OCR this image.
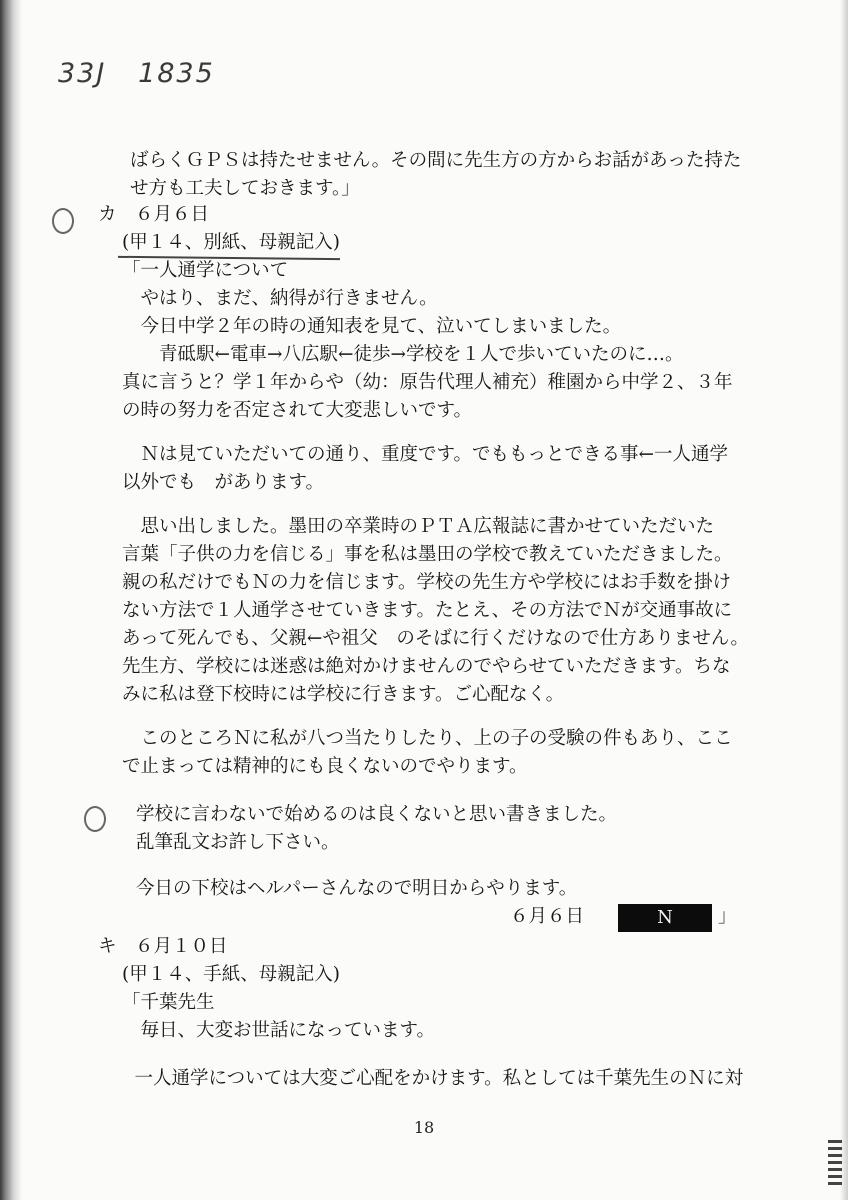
33J   1835
ばらくＧＰＳは持たせません。その間に先生方の方からお話があった持た
せ方も工夫しておきます。」
カ　６月６日
(甲１４、別紙、母親記入)
「一人通学について
　やはり、まだ、納得が行きません。
　今日中学２年の時の通知表を見て、泣いてしまいました。
　　青砥駅←電車→八広駅←徒歩→学校を１人で歩いていたのに…。
真に言うと？学１年からや（幼：原告代理人補充）稚園から中学２、３年
の時の努力を否定されて大変悲しいです。
　Ｎは見ていただいての通り、重度です。でももっとできる事←一人通学
以外でも　があります。
　思い出しました。墨田の卒業時のＰＴＡ広報誌に書かせていただいた
言葉「子供の力を信じる」事を私は墨田の学校で教えていただきました。
親の私だけでもＮの力を信じます。学校の先生方や学校にはお手数を掛け
ない方法で１人通学させていきます。たとえ、その方法でＮが交通事故に
あって死んでも、父親←や祖父　のそばに行くだけなので仕方ありません。
先生方、学校には迷惑は絶対かけませんのでやらせていただきます。ちな
みに私は登下校時には学校に行きます。ご心配なく。
　このところＮに私が八つ当たりしたり、上の子の受験の件もあり、ここ
で止まっては精神的にも良くないのでやります。
学校に言わないで始めるのは良くないと思い書きました。
乱筆乱文お許し下さい。
今日の下校はヘルパーさんなので明日からやります。
６月６日	N	」
キ　６月１０日
(甲１４、手紙、母親記入)
「千葉先生
　毎日、大変お世話になっています。
　一人通学については大変ご心配をかけます。私としては千葉先生のＮに対
18
